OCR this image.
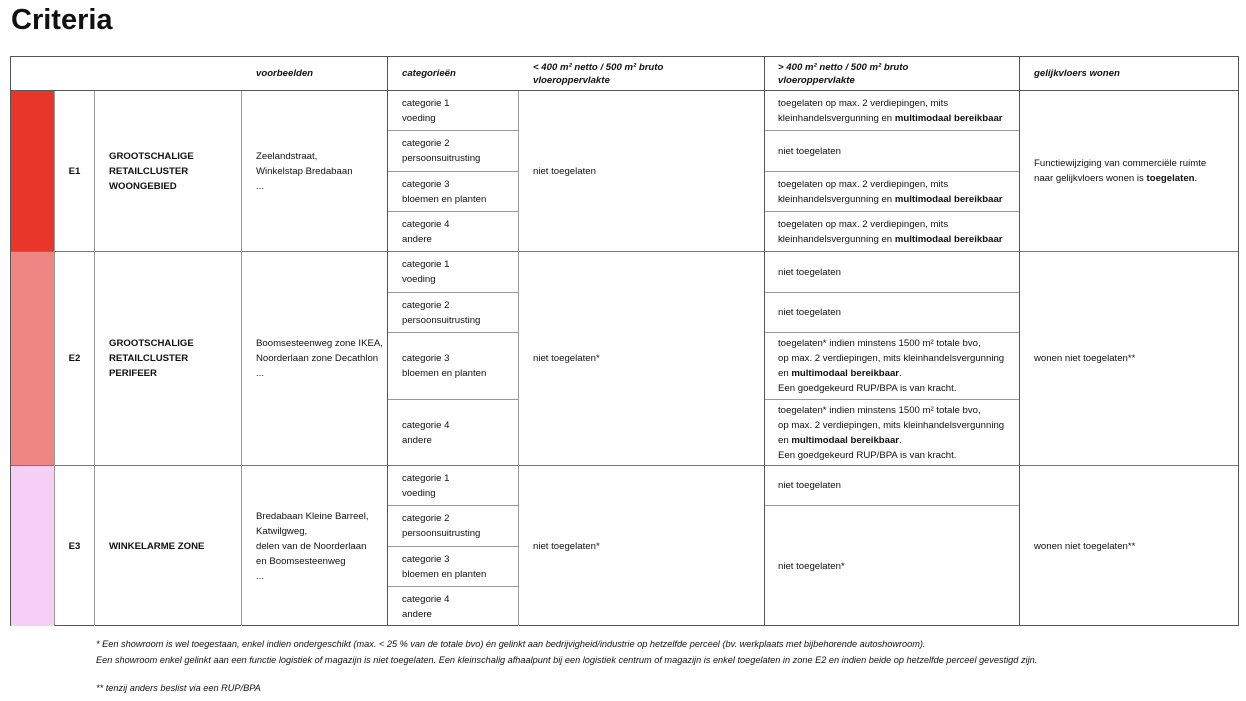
Criteria
voorbeelden	categorieën
< 400 m² netto / 500 m² bruto vloeroppervlakte
> 400 m² netto / 500 m² bruto vloeroppervlakte
gelijkvloers wonen
E1
GROOTSCHALIGE
RETAILCLUSTER
WOONGEBIED
Zeelandstraat,
Winkelstap Bredabaan
...
categorie 1
voeding
categorie 2
persoonsuitrusting
categorie 3
bloemen en planten
categorie 4
andere
niet toegelaten
toegelaten op max. 2 verdiepingen, mits
kleinhandelsvergunning en multimodaal bereikbaar
niet toegelaten
toegelaten op max. 2 verdiepingen, mits
kleinhandelsvergunning en multimodaal bereikbaar
toegelaten op max. 2 verdiepingen, mits
kleinhandelsvergunning en multimodaal bereikbaar
Functiewijziging van commerciële ruimte
naar gelijkvloers wonen is toegelaten.
E2
GROOTSCHALIGE
RETAILCLUSTER
PERIFEER
Boomsesteenweg zone IKEA,
Noorderlaan zone Decathlon
...
categorie 1
voeding
categorie 2
persoonsuitrusting
categorie 3
bloemen en planten
categorie 4
andere
niet toegelaten*
niet toegelaten
niet toegelaten
toegelaten* indien minstens 1500 m² totale bvo,
op max. 2 verdiepingen, mits kleinhandelsvergunning
en multimodaal bereikbaar.
Een goedgekeurd RUP/BPA is van kracht.
toegelaten* indien minstens 1500 m² totale bvo,
op max. 2 verdiepingen, mits kleinhandelsvergunning
en multimodaal bereikbaar.
Een goedgekeurd RUP/BPA is van kracht.
wonen niet toegelaten**
E3	WINKELARME ZONE
Bredabaan Kleine Barreel,
Katwilgweg,
delen van de Noorderlaan
en Boomsesteenweg
...
categorie 1
voeding
categorie 2
persoonsuitrusting
categorie 3
bloemen en planten
categorie 4
andere
niet toegelaten*
niet toegelaten
niet toegelaten*
wonen niet toegelaten**
* Een showroom is wel toegestaan, enkel indien ondergeschikt (max. < 25 % van de totale bvo) én gelinkt aan bedrijvigheid/industrie op hetzelfde perceel (bv. werkplaats met bijbehorende autoshowroom).
Een showroom enkel gelinkt aan een functie logistiek of magazijn is niet toegelaten. Een kleinschalig afhaalpunt bij een logistiek centrum of magazijn is enkel toegelaten in zone E2 en indien beide op hetzelfde perceel gevestigd zijn.
** tenzij anders beslist via een RUP/BPA
